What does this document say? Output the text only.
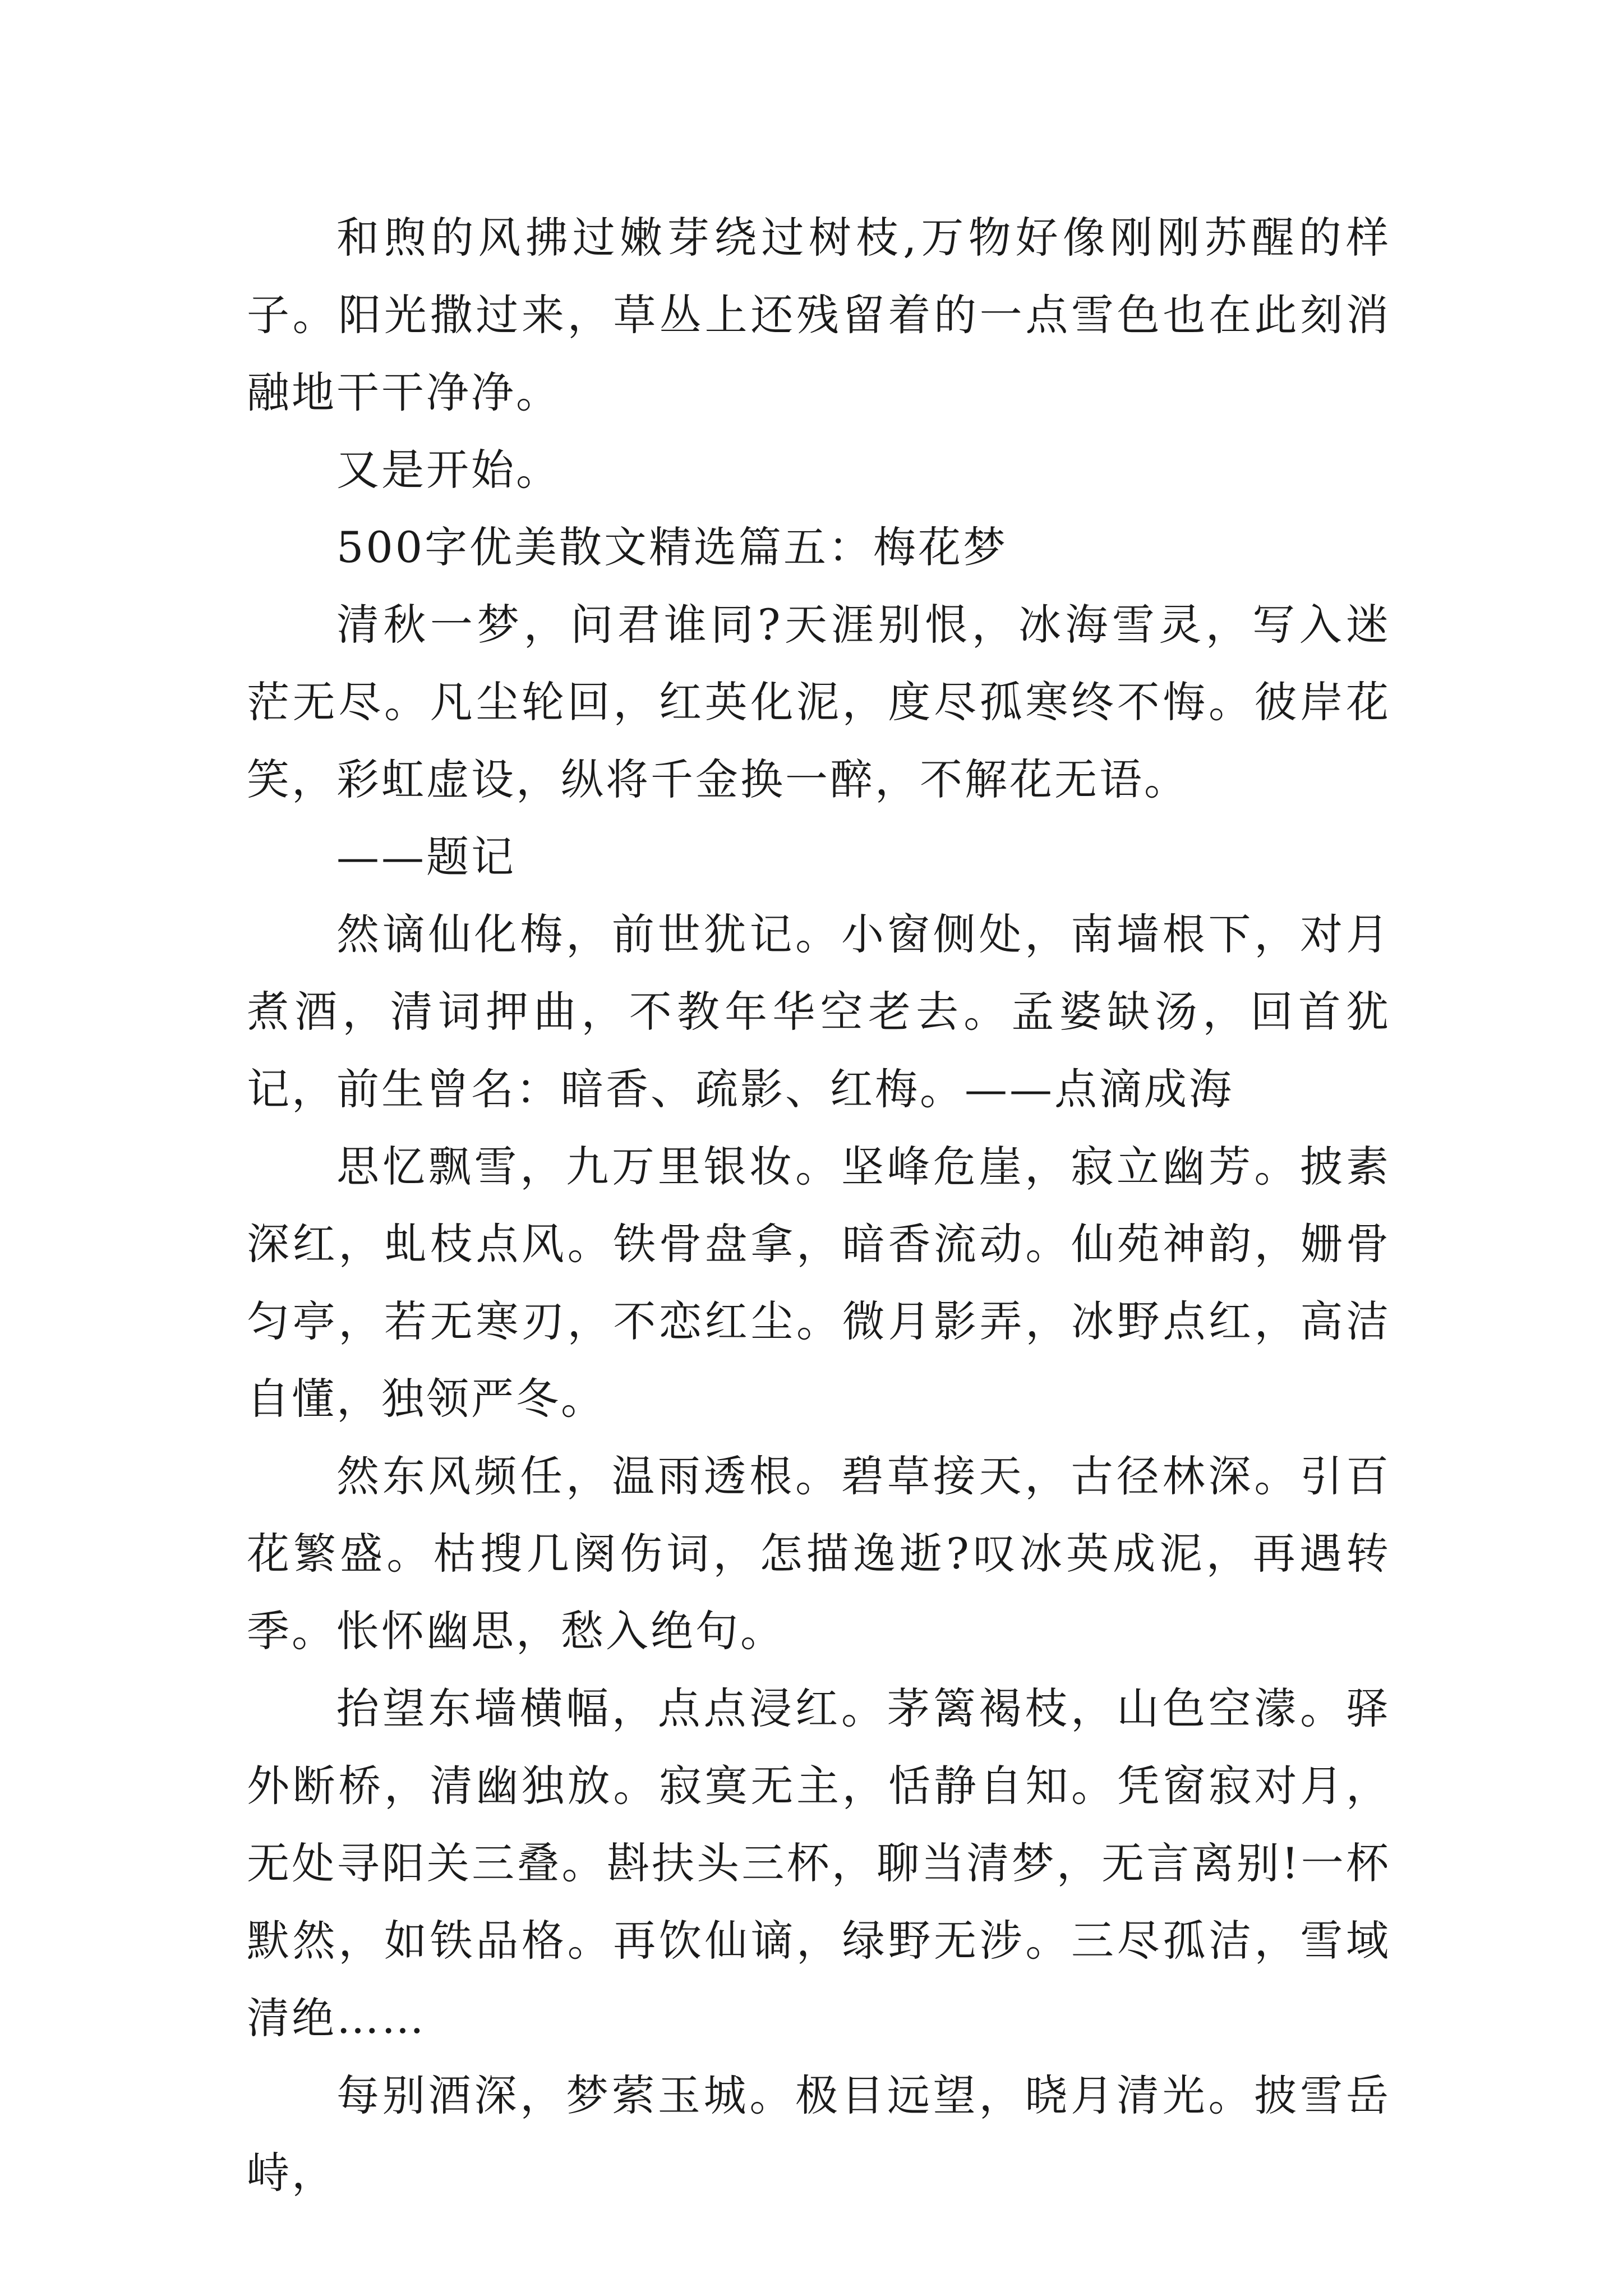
和煦的风拂过嫩芽绕过树枝,万物好像刚刚苏醒的样子。阳光撒过来，草丛上还残留着的一点雪色也在此刻消融地干干净净。

又是开始。

500字优美散文精选篇五：梅花梦

清秋一梦，问君谁同?天涯别恨，冰海雪灵，写入迷茫无尽。凡尘轮回，红英化泥，度尽孤寒终不悔。彼岸花笑，彩虹虚设，纵将千金换一醉，不解花无语。

——题记

然谪仙化梅，前世犹记。小窗侧处，南墙根下，对月煮酒，清词押曲，不教年华空老去。孟婆缺汤，回首犹记，前生曾名：暗香、疏影、红梅。——点滴成海

思忆飘雪，九万里银妆。坚峰危崖，寂立幽芳。披素深红，虬枝点风。铁骨盘拿，暗香流动。仙苑神韵，姗骨匀亭，若无寒刃，不恋红尘。微月影弄，冰野点红，高洁自懂，独领严冬。

然东风频任，温雨透根。碧草接天，古径林深。引百花繁盛。枯搜几阕伤词，怎描逸逝?叹冰英成泥，再遇转季。怅怀幽思，愁入绝句。

抬望东墙横幅，点点浸红。茅篱褐枝，山色空濛。驿外断桥，清幽独放。寂寞无主，恬静自知。凭窗寂对月，无处寻阳关三叠。斟扶头三杯，聊当清梦，无言离别!一杯默然，如铁品格。再饮仙谪，绿野无涉。三尽孤洁，雪域清绝……

每别酒深，梦萦玉城。极目远望，晓月清光。披雪岳峙，
